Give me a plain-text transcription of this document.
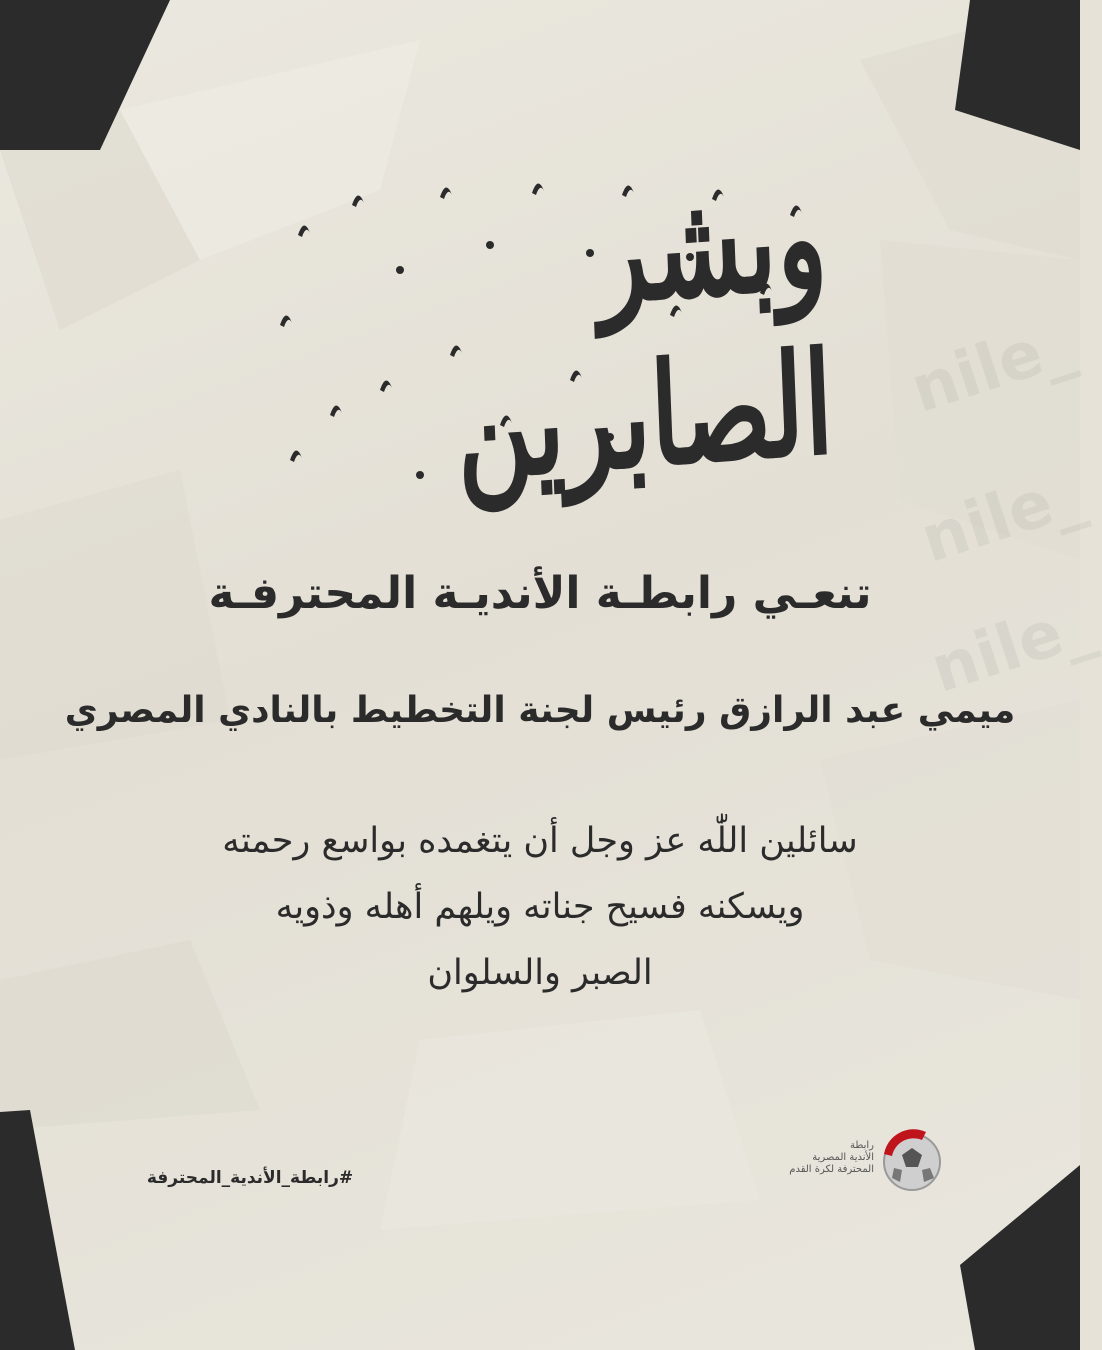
nile_
nile_
nile_
وبشر الصابرين
تنعـي رابطـة الأنديـة المحترفـة
ميمي عبد الرازق رئيس لجنة التخطيط بالنادي المصري
سائلين اللّٰه عز وجل أن يتغمده بواسع رحمته
ويسكنه فسيح جناته ويلهم أهله وذويه
الصبر والسلوان
#رابطة_الأندية_المحترفة
رابطة
الأندية المصرية
المحترفة لكرة القدم
